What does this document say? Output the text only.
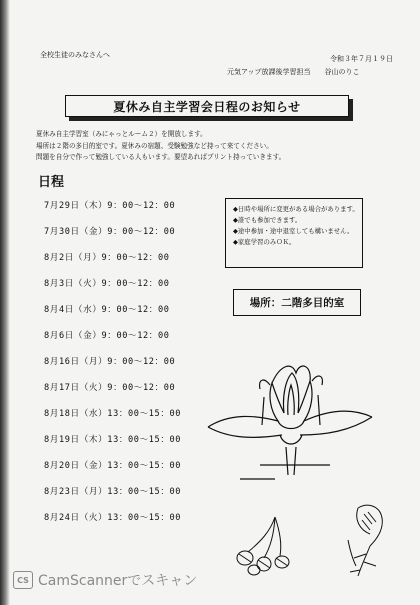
全校生徒のみなさんへ	令和３年７月１９日
元気アップ放課後学習担当　　谷山のりこ
夏休み自主学習会日程のお知らせ
夏休み自主学習室（みにゃっとルーム２）を開放します。
場所は２階の多目的室です。夏休みの宿題、受験勉強など持って来てください。
問題を自分で作って勉強している人もいます。要望あればプリント持っていきます。
日程
7月29日（木）9：00～12：00
7月30日（金）9：00～12：00
8月2日（月）9：00～12：00
8月3日（火）9：00～12：00
8月4日（水）9：00～12：00
8月6日（金）9：00～12：00
8月16日（月）9：00～12：00
8月17日（火）9：00～12：00
8月18日（水）13：00～15：00
8月19日（木）13：00～15：00
8月20日（金）13：00～15：00
8月23日（月）13：00～15：00
8月24日（火）13：00～15：00
◆日時や場所に変更がある場合があります。
◆誰でも参加できます。
◆途中参加・途中退室しても構いません。
◆家庭学習のみＯＫ。
場所：二階多目的室
CS CamScannerでスキャン
